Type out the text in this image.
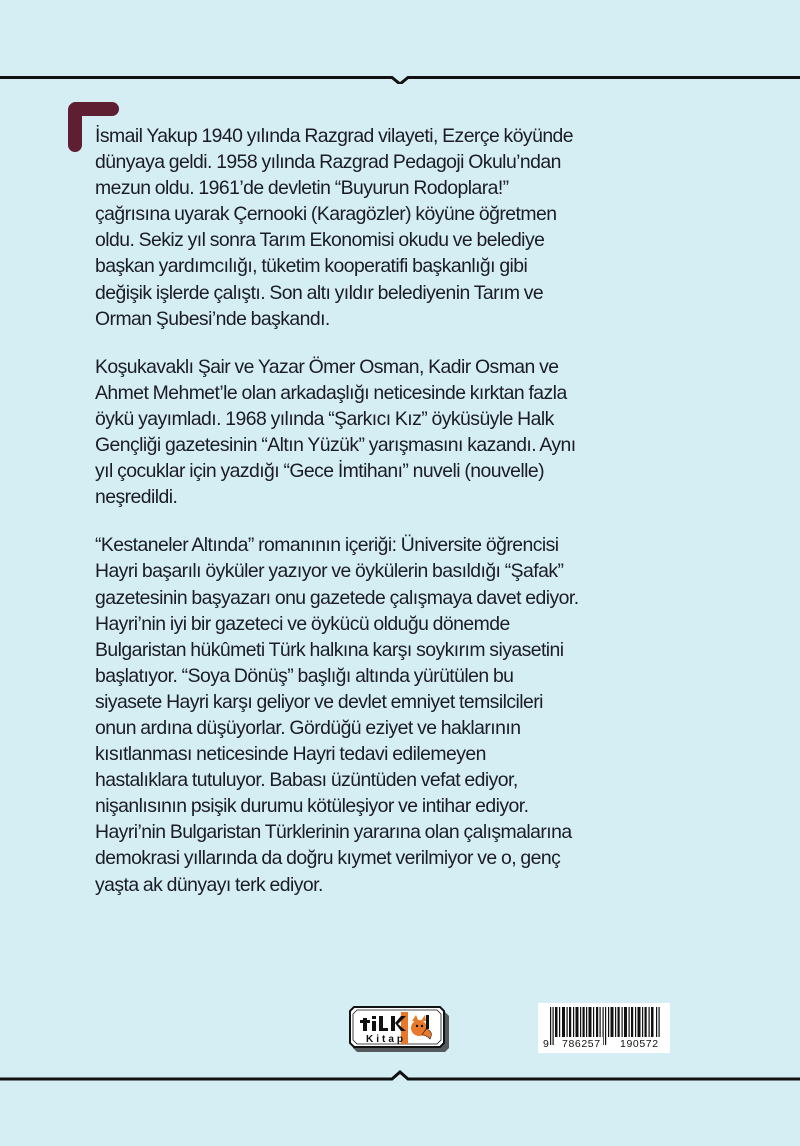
İsmail Yakup 1940 yılında Razgrad vilayeti, Ezerçe köyünde
dünyaya geldi. 1958 yılında Razgrad Pedagoji Okulu’ndan
mezun oldu. 1961’de devletin “Buyurun Rodoplara!”
çağrısına uyarak Çernooki (Karagözler) köyüne öğretmen
oldu. Sekiz yıl sonra Tarım Ekonomisi okudu ve belediye
başkan yardımcılığı, tüketim kooperatifi başkanlığı gibi
değişik işlerde çalıştı. Son altı yıldır belediyenin Tarım ve
Orman Şubesi’nde başkandı.

Koşukavaklı Şair ve Yazar Ömer Osman, Kadir Osman ve
Ahmet Mehmet’le olan arkadaşlığı neticesinde kırktan fazla
öykü yayımladı. 1968 yılında “Şarkıcı Kız” öyküsüyle Halk
Gençliği gazetesinin “Altın Yüzük” yarışmasını kazandı. Aynı
yıl çocuklar için yazdığı “Gece İmtihanı” nuveli (nouvelle)
neşredildi.

“Kestaneler Altında” romanının içeriği: Üniversite öğrencisi
Hayri başarılı öyküler yazıyor ve öykülerin basıldığı “Şafak”
gazetesinin başyazarı onu gazetede çalışmaya davet ediyor.
Hayri’nin iyi bir gazeteci ve öykücü olduğu dönemde
Bulgaristan hükûmeti Türk halkına karşı soykırım siyasetini
başlatıyor. “Soya Dönüş” başlığı altında yürütülen bu
siyasete Hayri karşı geliyor ve devlet emniyet temsilcileri
onun ardına düşüyorlar. Gördüğü eziyet ve haklarının
kısıtlanması neticesinde Hayri tedavi edilemeyen
hastalıklara tutuluyor. Babası üzüntüden vefat ediyor,
nişanlısının psişik durumu kötüleşiyor ve intihar ediyor.
Hayri’nin Bulgaristan Türklerinin yararına olan çalışmalarına
demokrasi yıllarında da doğru kıymet verilmiyor ve o, genç
yaşta ak dünyayı terk ediyor.

Kitap	9 786257 190572
